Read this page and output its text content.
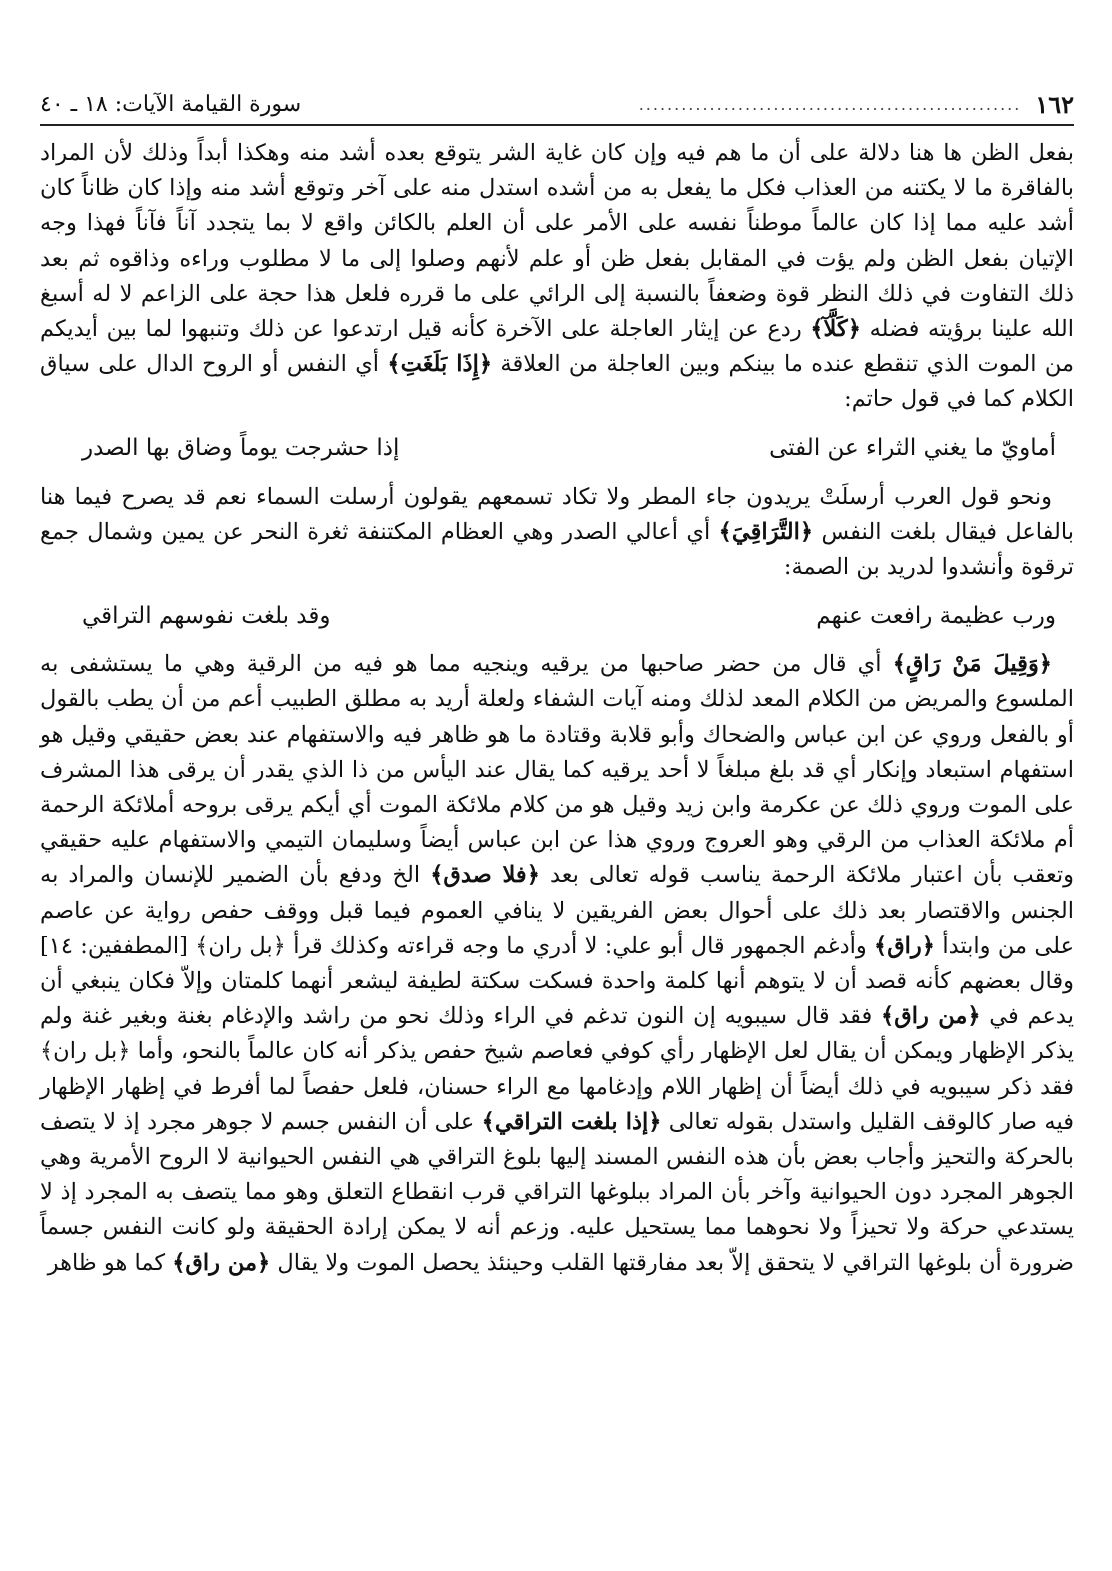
١٦٢
......................................................
سورة القيامة الآيات: ١٨ ـ ٤٠

بفعل الظن ها هنا دلالة على أن ما هم فيه وإن كان غاية الشر يتوقع بعده أشد منه وهكذا أبداً وذلك لأن المراد بالفاقرة ما لا يكتنه من العذاب فكل ما يفعل به من أشده استدل منه على آخر وتوقع أشد منه وإذا كان ظاناً كان أشد عليه مما إذا كان عالماً موطناً نفسه على الأمر على أن العلم بالكائن واقع لا بما يتجدد آناً فآناً فهذا وجه الإتيان بفعل الظن ولم يؤت في المقابل بفعل ظن أو علم لأنهم وصلوا إلى ما لا مطلوب وراءه وذاقوه ثم بعد ذلك التفاوت في ذلك النظر قوة وضعفاً بالنسبة إلى الرائي على ما قرره فلعل هذا حجة على الزاعم لا له أسبغ الله علينا برؤيته فضله ﴿كَلَّآ﴾ ردع عن إيثار العاجلة على الآخرة كأنه قيل ارتدعوا عن ذلك وتنبهوا لما بين أيديكم من الموت الذي تنقطع عنده ما بينكم وبين العاجلة من العلاقة ﴿إِذَا بَلَغَتِ﴾ أي النفس أو الروح الدال على سياق الكلام كما في قول حاتم:

أماويّ ما يغني الثراء عن الفتى
إذا حشرجت يوماً وضاق بها الصدر

ونحو قول العرب أرسلَتْ يريدون جاء المطر ولا تكاد تسمعهم يقولون أرسلت السماء نعم قد يصرح فيما هنا بالفاعل فيقال بلغت النفس ﴿التَّرَاقِيَ﴾ أي أعالي الصدر وهي العظام المكتنفة ثغرة النحر عن يمين وشمال جمع ترقوة وأنشدوا لدريد بن الصمة:

ورب عظيمة رافعت عنهم
وقد بلغت نفوسهم التراقي

﴿وَقِيلَ مَنْ رَاقٍ﴾ أي قال من حضر صاحبها من يرقيه وينجيه مما هو فيه من الرقية وهي ما يستشفى به الملسوع والمريض من الكلام المعد لذلك ومنه آيات الشفاء ولعلة أريد به مطلق الطبيب أعم من أن يطب بالقول أو بالفعل وروي عن ابن عباس والضحاك وأبو قلابة وقتادة ما هو ظاهر فيه والاستفهام عند بعض حقيقي وقيل هو استفهام استبعاد وإنكار أي قد بلغ مبلغاً لا أحد يرقيه كما يقال عند اليأس من ذا الذي يقدر أن يرقى هذا المشرف على الموت وروي ذلك عن عكرمة وابن زيد وقيل هو من كلام ملائكة الموت أي أيكم يرقى بروحه أملائكة الرحمة أم ملائكة العذاب من الرقي وهو العروج وروي هذا عن ابن عباس أيضاً وسليمان التيمي والاستفهام عليه حقيقي وتعقب بأن اعتبار ملائكة الرحمة يناسب قوله تعالى بعد ﴿فلا صدق﴾ الخ ودفع بأن الضمير للإنسان والمراد به الجنس والاقتصار بعد ذلك على أحوال بعض الفريقين لا ينافي العموم فيما قبل ووقف حفص رواية عن عاصم على من وابتدأ ﴿راق﴾ وأدغم الجمهور قال أبو علي: لا أدري ما وجه قراءته وكذلك قرأ ﴿بل ران﴾ [المطففين: ١٤] وقال بعضهم كأنه قصد أن لا يتوهم أنها كلمة واحدة فسكت سكتة لطيفة ليشعر أنهما كلمتان وإلاّ فكان ينبغي أن يدعم في ﴿من راق﴾ فقد قال سيبويه إن النون تدغم في الراء وذلك نحو من راشد والإدغام بغنة وبغير غنة ولم يذكر الإظهار ويمكن أن يقال لعل الإظهار رأي كوفي فعاصم شيخ حفص يذكر أنه كان عالماً بالنحو، وأما ﴿بل ران﴾ فقد ذكر سيبويه في ذلك أيضاً أن إظهار اللام وإدغامها مع الراء حسنان، فلعل حفصاً لما أفرط في إظهار الإظهار فيه صار كالوقف القليل واستدل بقوله تعالى ﴿إذا بلغت التراقي﴾ على أن النفس جسم لا جوهر مجرد إذ لا يتصف بالحركة والتحيز وأجاب بعض بأن هذه النفس المسند إليها بلوغ التراقي هي النفس الحيوانية لا الروح الأمرية وهي الجوهر المجرد دون الحيوانية وآخر بأن المراد ببلوغها التراقي قرب انقطاع التعلق وهو مما يتصف به المجرد إذ لا يستدعي حركة ولا تحيزاً ولا نحوهما مما يستحيل عليه. وزعم أنه لا يمكن إرادة الحقيقة ولو كانت النفس جسماً ضرورة أن بلوغها التراقي لا يتحقق إلاّ بعد مفارقتها القلب وحينئذ يحصل الموت ولا يقال ﴿من راق﴾ كما هو ظاهر
